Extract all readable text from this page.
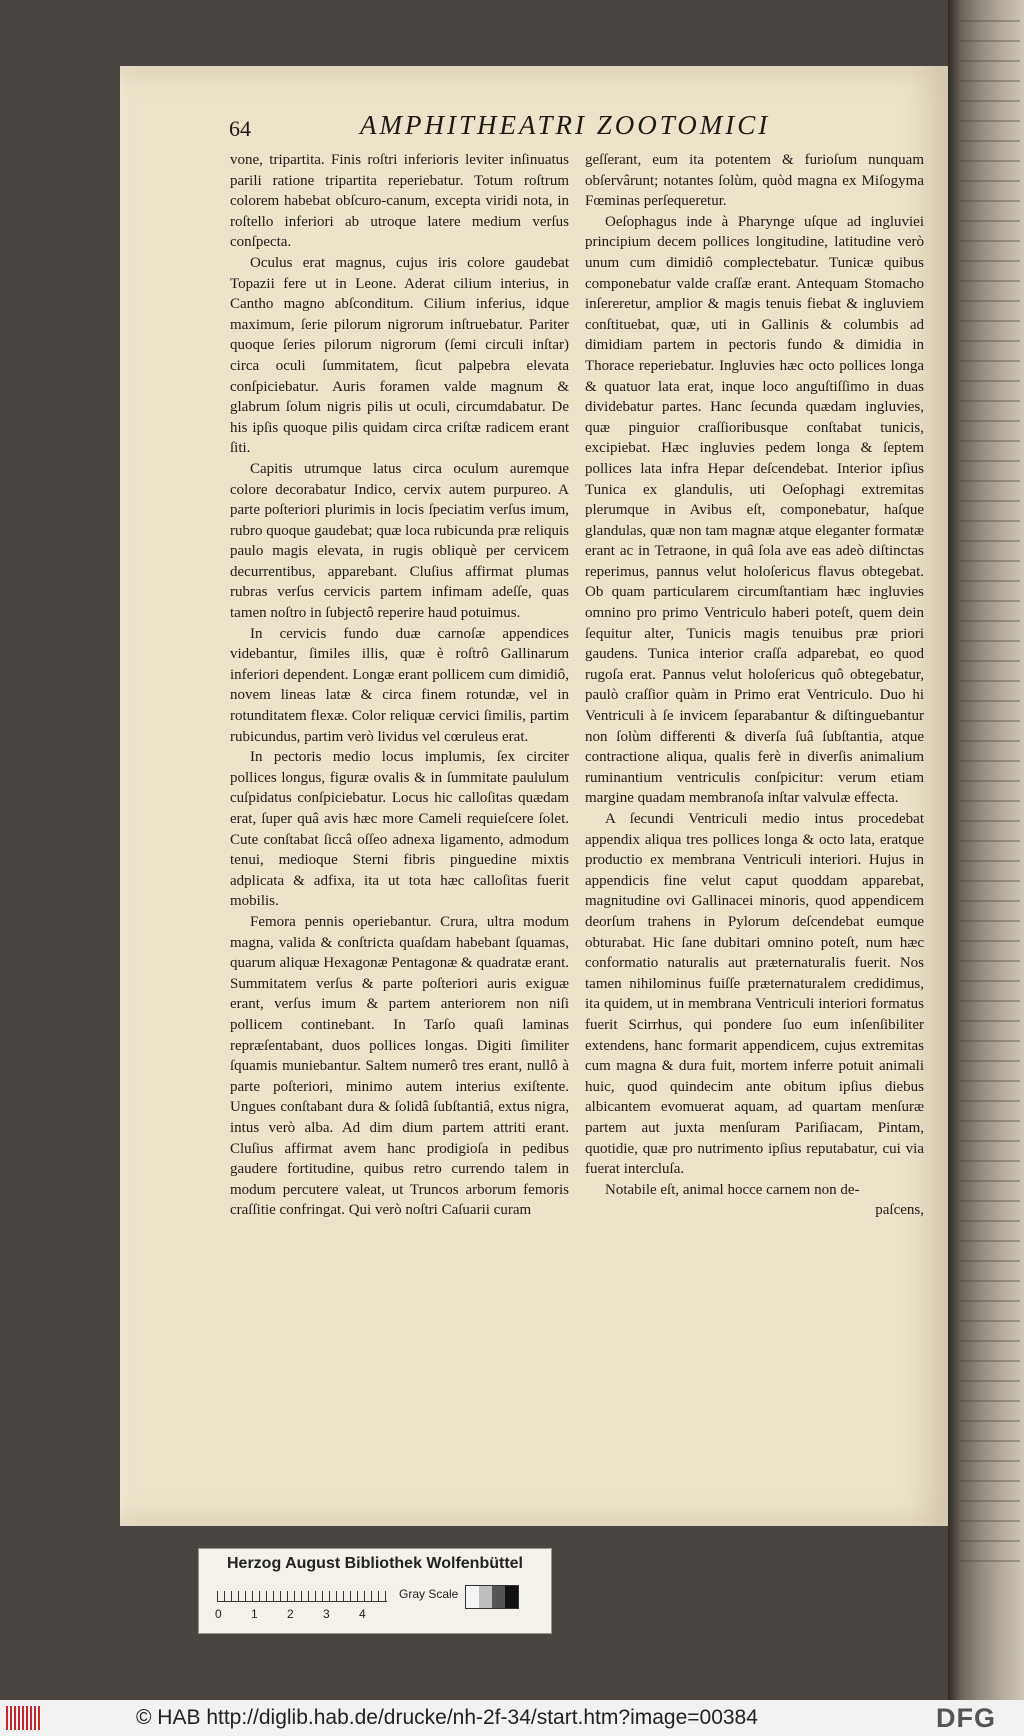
64	AMPHITHEATRI ZOOTOMICI

vone, tripartita. Finis roſtri inferioris leviter inſinuatus parili ratione tripartita reperiebatur. Totum roſtrum colorem habebat obſcuro-canum, excepta viridi nota, in roſtello inferiori ab utroque latere medium verſus conſpecta.

Oculus erat magnus, cujus iris colore gaudebat Topazii fere ut in Leone. Aderat cilium interius, in Cantho magno abſconditum. Cilium inferius, idque maximum, ſerie pilorum nigrorum inſtruebatur. Pariter quoque ſeries pilorum nigrorum (ſemi circuli inſtar) circa oculi ſummitatem, ſicut palpebra elevata conſpiciebatur. Auris foramen valde magnum & glabrum ſolum nigris pilis ut oculi, circumdabatur. De his ipſis quoque pilis quidam circa criſtæ radicem erant ſiti.

Capitis utrumque latus circa oculum auremque colore decorabatur Indico, cervix autem purpureo. A parte poſteriori plurimis in locis ſpeciatim verſus imum, rubro quoque gaudebat; quæ loca rubicunda præ reliquis paulo magis elevata, in rugis obliquè per cervicem decurrentibus, apparebant. Cluſius affirmat plumas rubras verſus cervicis partem infimam adeſſe, quas tamen noſtro in ſubjectô reperire haud potuimus.

In cervicis fundo duæ carnoſæ appendices videbantur, ſimiles illis, quæ è roſtrô Gallinarum inferiori dependent. Longæ erant pollicem cum dimidiô, novem lineas latæ & circa finem rotundæ, vel in rotunditatem flexæ. Color reliquæ cervici ſimilis, partim rubicundus, partim verò lividus vel cœruleus erat.

In pectoris medio locus implumis, ſex circiter pollices longus, figuræ ovalis & in ſummitate paululum cuſpidatus conſpiciebatur. Locus hic calloſitas quædam erat, ſuper quâ avis hæc more Cameli requieſcere ſolet. Cute conſtabat ſiccâ oſſeo adnexa ligamento, admodum tenui, medioque Sterni fibris pinguedine mixtis adplicata & adfixa, ita ut tota hæc calloſitas fuerit mobilis.

Femora pennis operiebantur. Crura, ultra modum magna, valida & conſtricta quaſdam habebant ſquamas, quarum aliquæ Hexagonæ Pentagonæ & quadratæ erant. Summitatem verſus & parte poſteriori auris exiguæ erant, verſus imum & partem anteriorem non niſi pollicem continebant. In Tarſo quaſi laminas repræſentabant, duos pollices longas. Digiti ſimiliter ſquamis muniebantur. Saltem numerô tres erant, nullô à parte poſteriori, minimo autem interius exiſtente. Ungues conſtabant dura & ſolidâ ſubſtantiâ, extus nigra, intus verò alba. Ad dim dium partem attriti erant. Cluſius affirmat avem hanc prodigioſa in pedibus gaudere fortitudine, quibus retro currendo talem in modum percutere valeat, ut Truncos arborum femoris craſſitie confringat. Qui verò noſtri Caſuarii curam

geſſerant, eum ita potentem & furioſum nunquam obſervârunt; notantes ſolùm, quòd magna ex Miſogyma Fœminas perſequeretur.

Oeſophagus inde à Pharynge uſque ad ingluviei principium decem pollices longitudine, latitudine verò unum cum dimidiô complectebatur. Tunicæ quibus componebatur valde craſſæ erant. Antequam Stomacho inſereretur, amplior & magis tenuis fiebat & ingluviem conſtituebat, quæ, uti in Gallinis & columbis ad dimidiam partem in pectoris fundo & dimidia in Thorace reperiebatur. Ingluvies hæc octo pollices longa & quatuor lata erat, inque loco anguſtiſſimo in duas dividebatur partes. Hanc ſecunda quædam ingluvies, quæ pinguior craſſioribusque conſtabat tunicis, excipiebat. Hæc ingluvies pedem longa & ſeptem pollices lata infra Hepar deſcendebat. Interior ipſius Tunica ex glandulis, uti Oeſophagi extremitas plerumque in Avibus eſt, componebatur, haſque glandulas, quæ non tam magnæ atque eleganter formatæ erant ac in Tetraone, in quâ ſola ave eas adeò diſtinctas reperimus, pannus velut holoſericus flavus obtegebat. Ob quam particularem circumſtantiam hæc ingluvies omnino pro primo Ventriculo haberi poteſt, quem dein ſequitur alter, Tunicis magis tenuibus præ priori gaudens. Tunica interior craſſa adparebat, eo quod rugoſa erat. Pannus velut holoſericus quô obtegebatur, paulò craſſior quàm in Primo erat Ventriculo. Duo hi Ventriculi à ſe invicem ſeparabantur & diſtinguebantur non ſolùm differenti & diverſa ſuâ ſubſtantia, atque contractione aliqua, qualis ferè in diverſis animalium ruminantium ventriculis conſpicitur: verum etiam margine quadam membranoſa inſtar valvulæ effecta.

A ſecundi Ventriculi medio intus procedebat appendix aliqua tres pollices longa & octo lata, eratque productio ex membrana Ventriculi interiori. Hujus in appendicis fine velut caput quoddam apparebat, magnitudine ovi Gallinacei minoris, quod appendicem deorſum trahens in Pylorum deſcendebat eumque obturabat. Hic ſane dubitari omnino poteſt, num hæc conformatio naturalis aut præternaturalis fuerit. Nos tamen nihilominus fuiſſe præternaturalem credidimus, ita quidem, ut in membrana Ventriculi interiori formatus fuerit Scirrhus, qui pondere ſuo eum inſenſibiliter extendens, hanc formarit appendicem, cujus extremitas cum magna & dura fuit, mortem inferre potuit animali huic, quod quindecim ante obitum ipſius diebus albicantem evomuerat aquam, ad quartam menſuræ partem aut juxta menſuram Pariſiacam, Pintam, quotidie, quæ pro nutrimento ipſius reputabatur, cui via fuerat intercluſa.

Notabile eſt, animal hocce carnem non de-

paſcens,

Herzog August Bibliothek Wolfenbüttel
0 1 2 3 4
Gray Scale
© HAB http://diglib.hab.de/drucke/nh-2f-34/start.htm?image=00384	DFG
